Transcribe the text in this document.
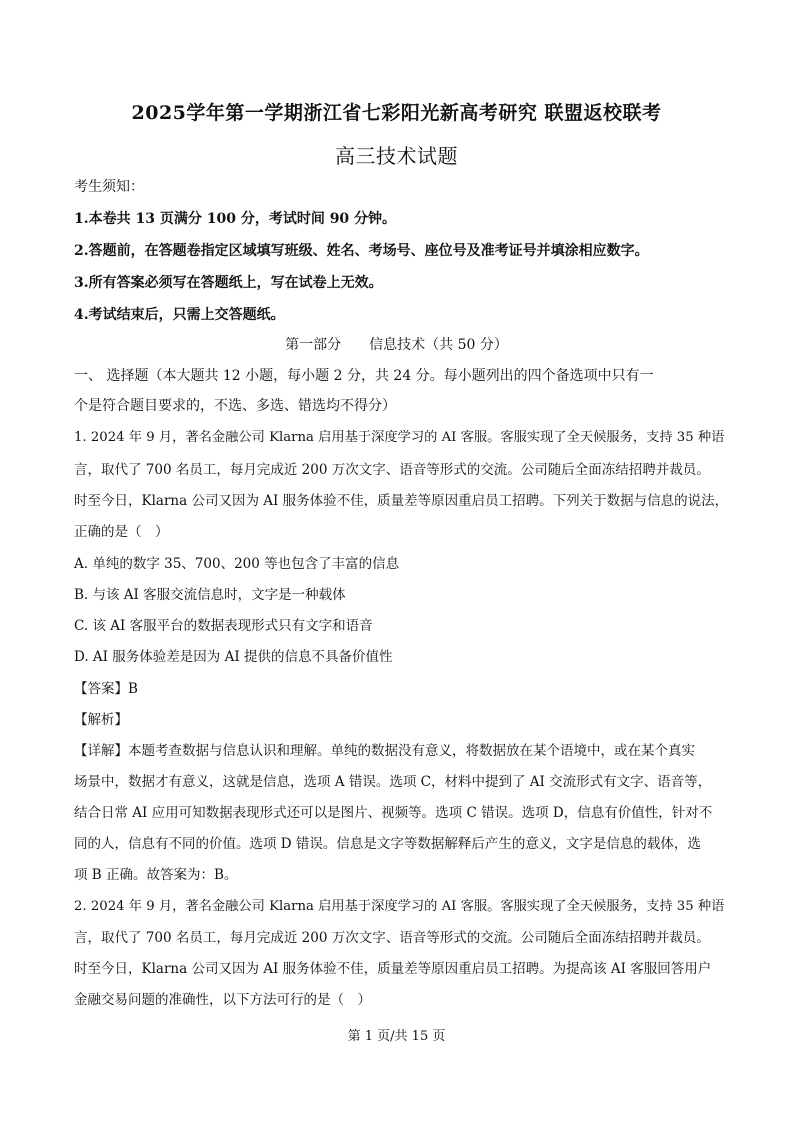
2025学年第一学期浙江省七彩阳光新高考研究 联盟返校联考
高三技术试题
考生须知：
1.本卷共 13 页满分 100 分，考试时间 90 分钟。
2.答题前，在答题卷指定区域填写班级、姓名、考场号、座位号及准考证号并填涂相应数字。
3.所有答案必须写在答题纸上，写在试卷上无效。
4.考试结束后，只需上交答题纸。
第一部分　　信息技术（共 50 分）
一、 选择题（本大题共 12 小题，每小题 2 分，共 24 分。每小题列出的四个备选项中只有一
个是符合题目要求的，不选、多选、错选均不得分）
1. 2024 年 9 月，著名金融公司 Klarna 启用基于深度学习的 AI 客服。客服实现了全天候服务，支持 35 种语
言，取代了 700 名员工，每月完成近 200 万次文字、语音等形式的交流。公司随后全面冻结招聘并裁员。
时至今日，Klarna 公司又因为 AI 服务体验不佳，质量差等原因重启员工招聘。下列关于数据与信息的说法，
正确的是（　）
A. 单纯的数字 35、700、200 等也包含了丰富的信息
B. 与该 AI 客服交流信息时，文字是一种载体
C. 该 AI 客服平台的数据表现形式只有文字和语音
D. AI 服务体验差是因为 AI 提供的信息不具备价值性
【答案】B
【解析】
【详解】本题考查数据与信息认识和理解。单纯的数据没有意义，将数据放在某个语境中，或在某个真实
场景中，数据才有意义，这就是信息，选项 A 错误。选项 C，材料中提到了 AI 交流形式有文字、语音等，
结合日常 AI 应用可知数据表现形式还可以是图片、视频等。选项 C 错误。选项 D，信息有价值性，针对不
同的人，信息有不同的价值。选项 D 错误。信息是文字等数据解释后产生的意义，文字是信息的载体，选
项 B 正确。故答案为：B。
2. 2024 年 9 月，著名金融公司 Klarna 启用基于深度学习的 AI 客服。客服实现了全天候服务，支持 35 种语
言，取代了 700 名员工，每月完成近 200 万次文字、语音等形式的交流。公司随后全面冻结招聘并裁员。
时至今日，Klarna 公司又因为 AI 服务体验不佳，质量差等原因重启员工招聘。为提高该 AI 客服回答用户
金融交易问题的准确性，以下方法可行的是（　）
第 1 页/共 15 页
